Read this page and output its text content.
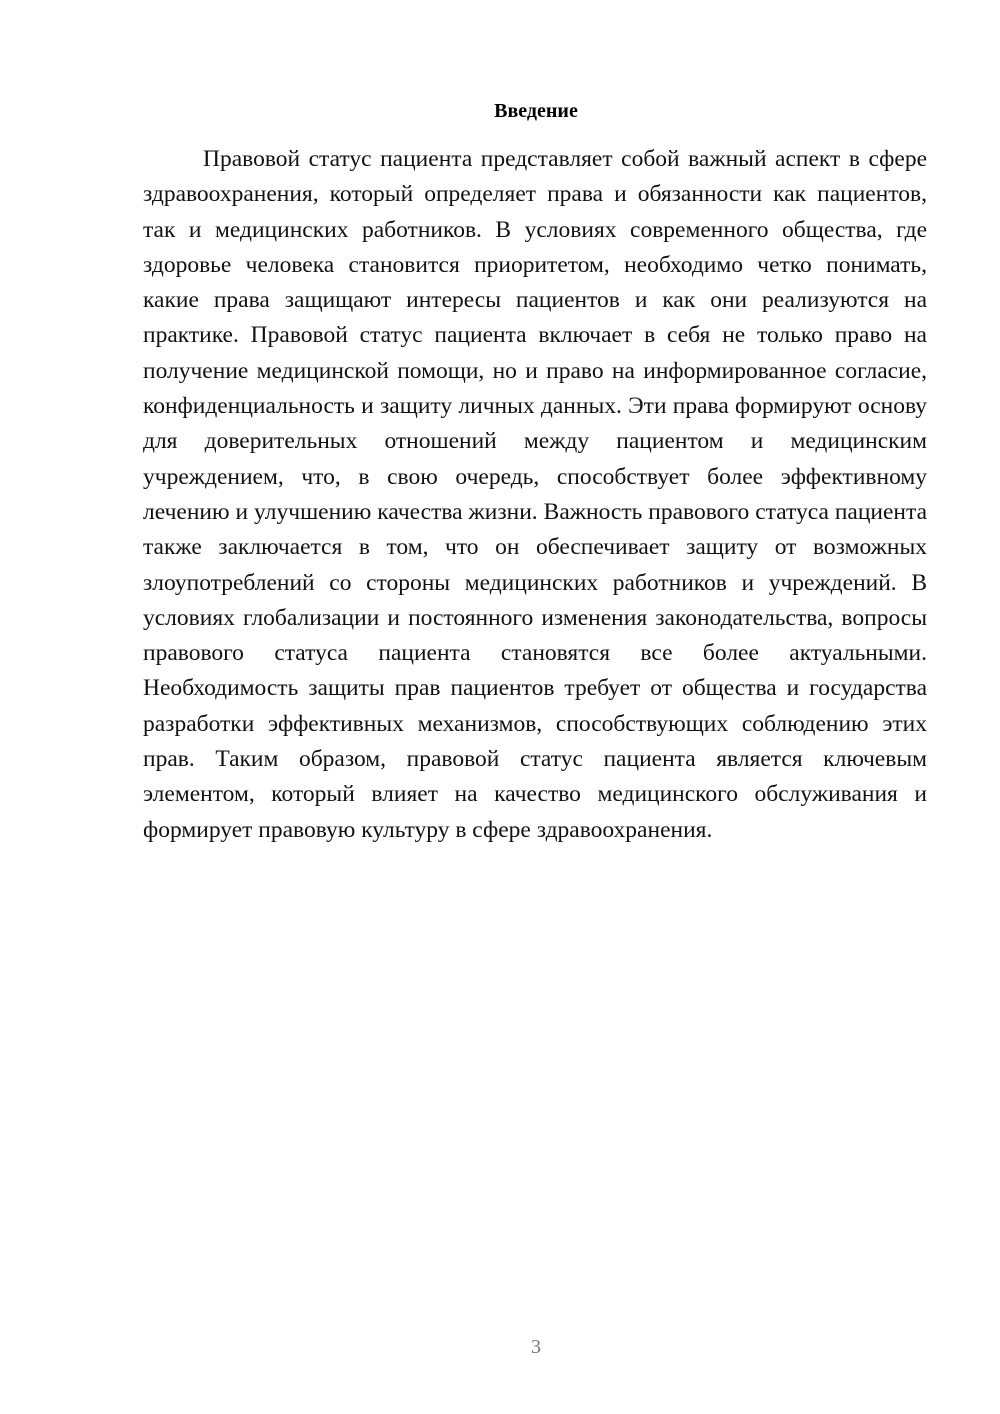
Введение

Правовой статус пациента представляет собой важный аспект в сфере здравоохранения, который определяет права и обязанности как пациентов, так и медицинских работников. В условиях современного общества, где здоровье человека становится приоритетом, необходимо четко понимать, какие права защищают интересы пациентов и как они реализуются на практике. Правовой статус пациента включает в себя не только право на получение медицинской помощи, но и право на информированное согласие, конфиденциальность и защиту личных данных. Эти права формируют основу для доверительных отношений между пациентом и медицинским учреждением, что, в свою очередь, способствует более эффективному лечению и улучшению качества жизни. Важность правового статуса пациента также заключается в том, что он обеспечивает защиту от возможных злоупотреблений со стороны медицинских работников и учреждений. В условиях глобализации и постоянного изменения законодательства, вопросы правового статуса пациента становятся все более актуальными. Необходимость защиты прав пациентов требует от общества и государства разработки эффективных механизмов, способствующих соблюдению этих прав. Таким образом, правовой статус пациента является ключевым элементом, который влияет на качество медицинского обслуживания и формирует правовую культуру в сфере здравоохранения.

3
